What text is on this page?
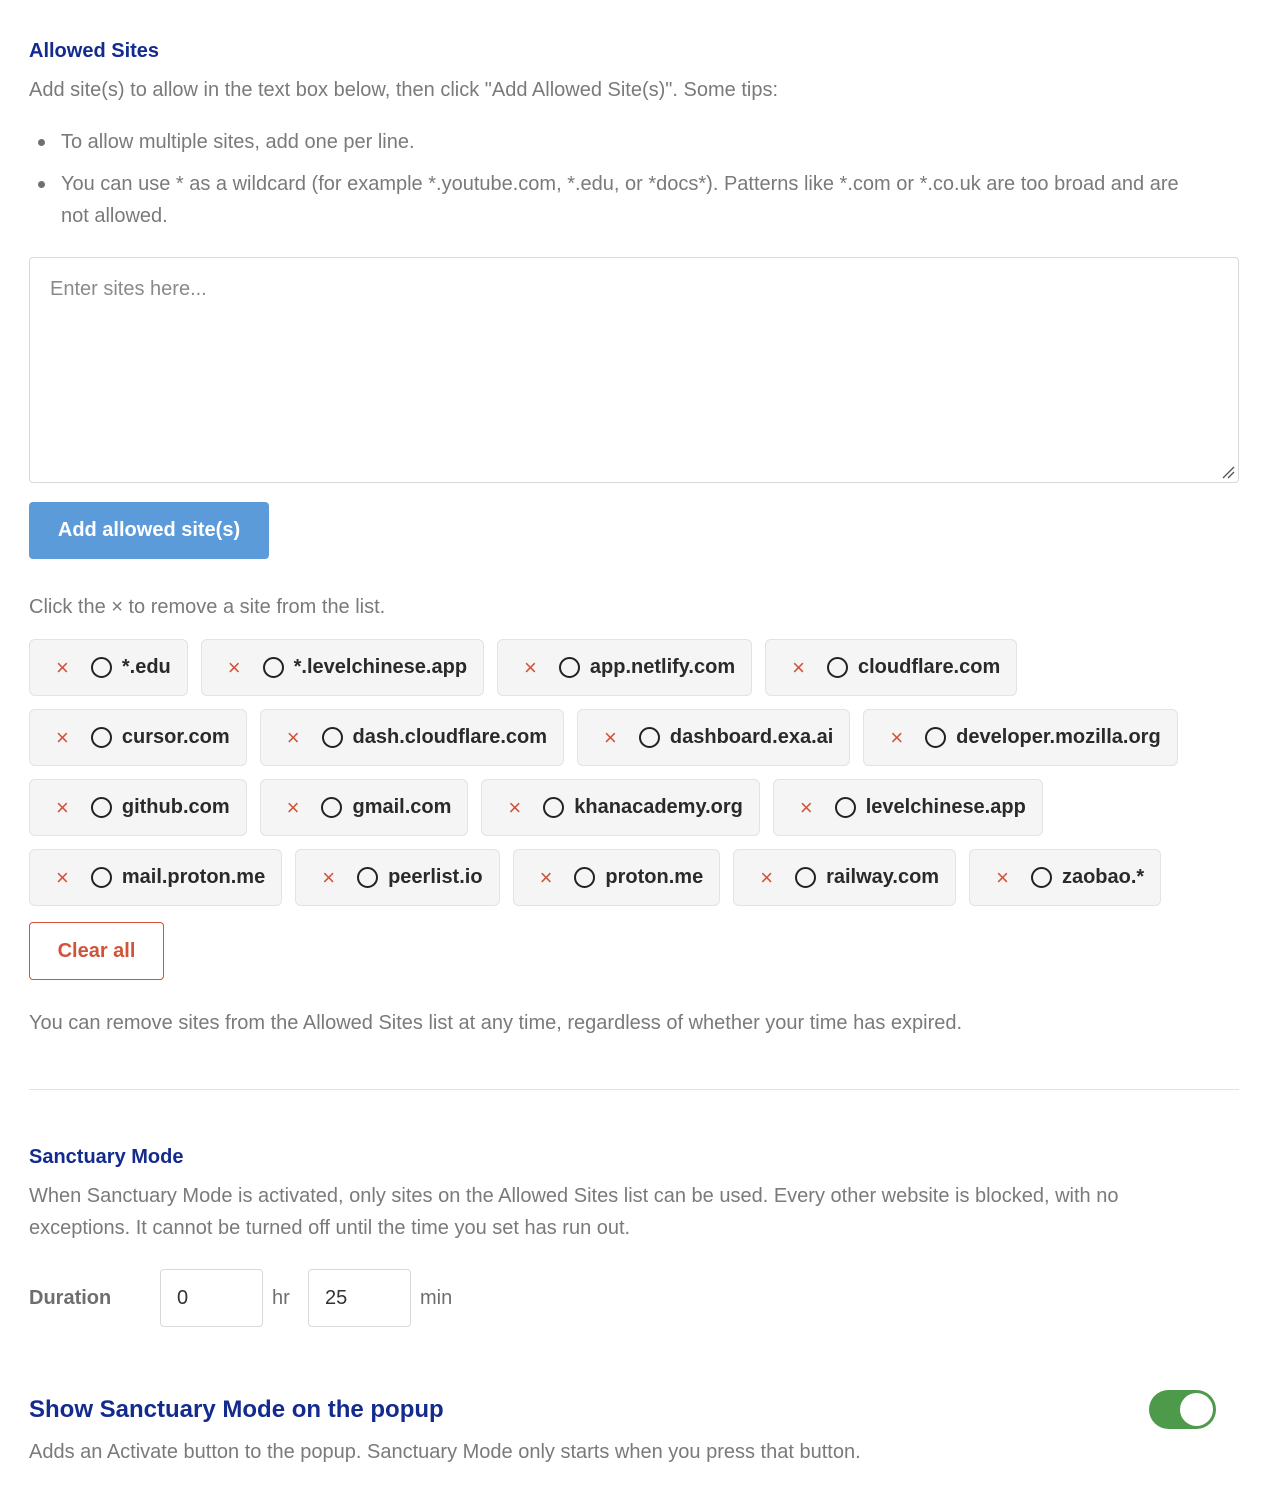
Allowed Sites
Add site(s) to allow in the text box below, then click "Add Allowed Site(s)". Some tips:
To allow multiple sites, add one per line.
You can use * as a wildcard (for example *.youtube.com, *.edu, or *docs*). Patterns like *.com or *.co.uk are too broad and are not allowed.
Enter sites here...
Add allowed site(s)
Click the × to remove a site from the list.
×	*.edu	×	*.levelchinese.app	×	app.netlify.com	×	cloudflare.com
×	cursor.com	×	dash.cloudflare.com	×	dashboard.exa.ai	×	developer.mozilla.org
×	github.com	×	gmail.com	×	khanacademy.org	×	levelchinese.app
×	mail.proton.me	×	peerlist.io	×	proton.me	×	railway.com	×	zaobao.*
Clear all
You can remove sites from the Allowed Sites list at any time, regardless of whether your time has expired.
Sanctuary Mode
When Sanctuary Mode is activated, only sites on the Allowed Sites list can be used. Every other website is blocked, with no exceptions. It cannot be turned off until the time you set has run out.
Duration
0	hr
25	min
Show Sanctuary Mode on the popup
Adds an Activate button to the popup. Sanctuary Mode only starts when you press that button.
